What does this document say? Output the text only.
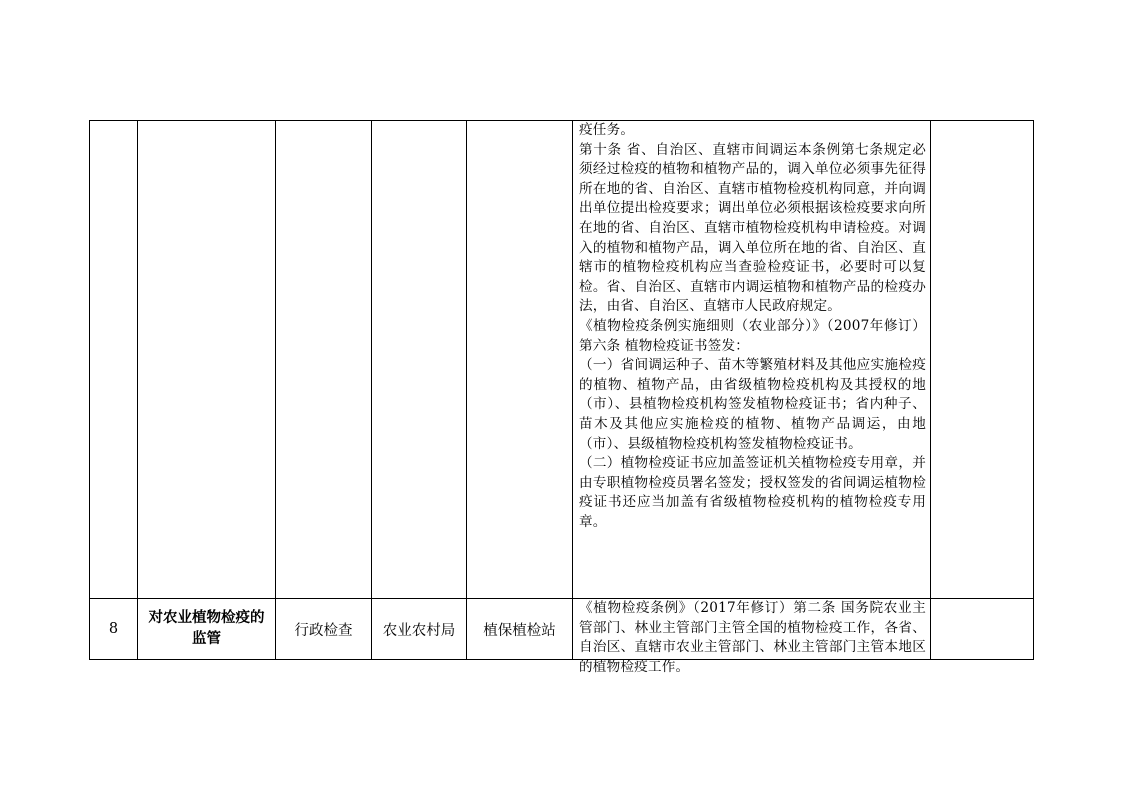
					疫任务。

第十条 省、自治区、直辖市间调运本条例第七条规定必须经过检疫的植物和植物产品的，调入单位必须事先征得所在地的省、自治区、直辖市植物检疫机构同意，并向调出单位提出检疫要求；调出单位必须根据该检疫要求向所在地的省、自治区、直辖市植物检疫机构申请检疫。对调入的植物和植物产品，调入单位所在地的省、自治区、直辖市的植物检疫机构应当查验检疫证书，必要时可以复检。省、自治区、直辖市内调运植物和植物产品的检疫办法，由省、自治区、直辖市人民政府规定。

《植物检疫条例实施细则（农业部分）》（2007年修订）第六条 植物检疫证书签发：

（一）省间调运种子、苗木等繁殖材料及其他应实施检疫的植物、植物产品，由省级植物检疫机构及其授权的地（市）、县植物检疫机构签发植物检疫证书；省内种子、苗木及其他应实施检疫的植物、植物产品调运，由地（市）、县级植物检疫机构签发植物检疫证书。

（二）植物检疫证书应加盖签证机关植物检疫专用章，并由专职植物检疫员署名签发；授权签发的省间调运植物检疫证书还应当加盖有省级植物检疫机构的植物检疫专用章。	

8	对农业植物检疫的监管	行政检查	农业农村局	植保植检站	《植物检疫条例》（2017年修订）第二条 国务院农业主管部门、林业主管部门主管全国的植物检疫工作，各省、自治区、直辖市农业主管部门、林业主管部门主管本地区的植物检疫工作。	
